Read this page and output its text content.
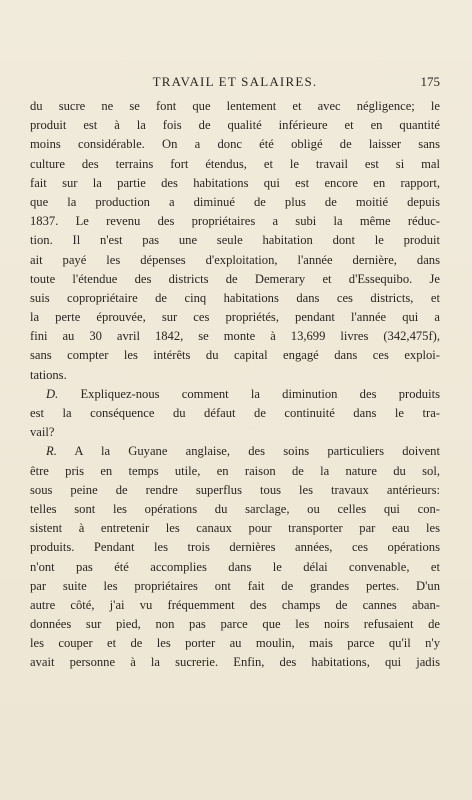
TRAVAIL ET SALAIRES.	175
du sucre ne se font que lentement et avec négligence; le
produit est à la fois de qualité inférieure et en quantité
moins considérable. On a donc été obligé de laisser sans
culture des terrains fort étendus, et le travail est si mal
fait sur la partie des habitations qui est encore en rapport,
que la production a diminué de plus de moitié depuis
1837. Le revenu des propriétaires a subi la même réduc-
tion. Il n'est pas une seule habitation dont le produit
ait payé les dépenses d'exploitation, l'année dernière, dans
toute l'étendue des districts de Demerary et d'Essequibo. Je
suis copropriétaire de cinq habitations dans ces districts, et
la perte éprouvée, sur ces propriétés, pendant l'année qui a
fini au 30 avril 1842, se monte à 13,699 livres (342,475f),
sans compter les intérêts du capital engagé dans ces exploi-
tations.
D. Expliquez-nous comment la diminution des produits
est la conséquence du défaut de continuité dans le tra-
vail?
R. A la Guyane anglaise, des soins particuliers doivent
être pris en temps utile, en raison de la nature du sol,
sous peine de rendre superflus tous les travaux antérieurs:
telles sont les opérations du sarclage, ou celles qui con-
sistent à entretenir les canaux pour transporter par eau les
produits. Pendant les trois dernières années, ces opérations
n'ont pas été accomplies dans le délai convenable, et
par suite les propriétaires ont fait de grandes pertes. D'un
autre côté, j'ai vu fréquemment des champs de cannes aban-
données sur pied, non pas parce que les noirs refusaient de
les couper et de les porter au moulin, mais parce qu'il n'y
avait personne à la sucrerie. Enfin, des habitations, qui jadis
